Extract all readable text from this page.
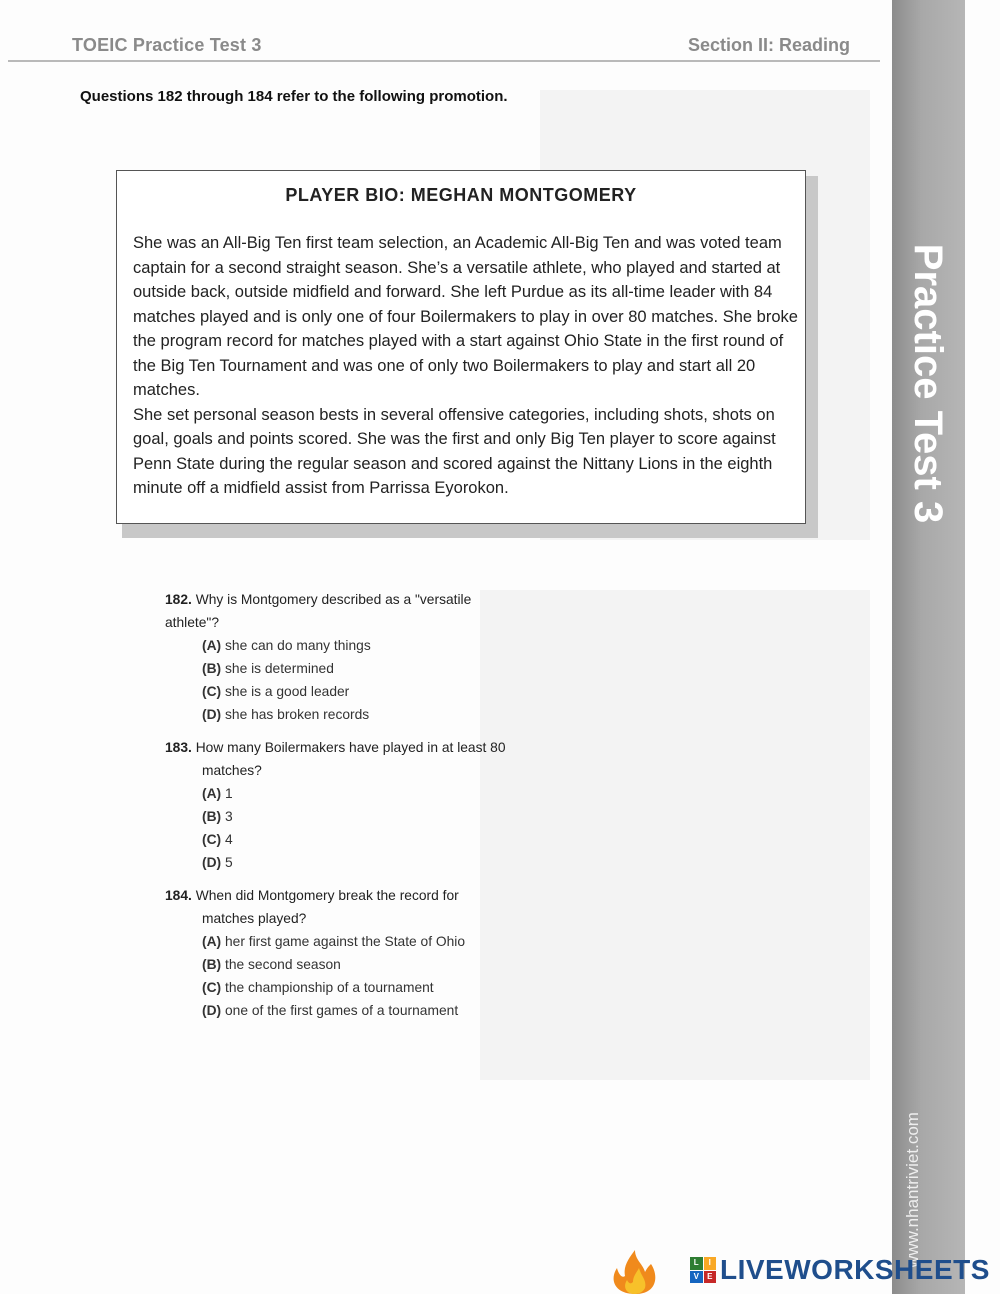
TOEIC Practice Test 3	Section II: Reading
Questions 182 through 184 refer to the following promotion.
PLAYER BIO: MEGHAN MONTGOMERY

She was an All-Big Ten first team selection, an Academic All-Big Ten and was voted team captain for a second straight season. She’s a versatile athlete, who played and started at outside back, outside midfield and forward. She left Purdue as its all-time leader with 84 matches played and is only one of four Boilermakers to play in over 80 matches. She broke the program record for matches played with a start against Ohio State in the first round of the Big Ten Tournament and was one of only two Boilermakers to play and start all 20 matches.

She set personal season bests in several offensive categories, including shots, shots on goal, goals and points scored. She was the first and only Big Ten player to score against Penn State during the regular season and scored against the Nittany Lions in the eighth minute off a midfield assist from Parrissa Eyorokon.

182. Why is Montgomery described as a "versatile athlete"?
(A) she can do many things
(B) she is determined
(C) she is a good leader
(D) she has broken records
183. How many Boilermakers have played in at least 80 matches?
(A) 1
(B) 3
(C) 4
(D) 5
184. When did Montgomery break the record for matches played?
(A) her first game against the State of Ohio
(B) the second season
(C) the championship of a tournament
(D) one of the first games of a tournament
Practice Test 3
www.nhantriviet.com
L	I
V	E LIVEWORKSHEETS
